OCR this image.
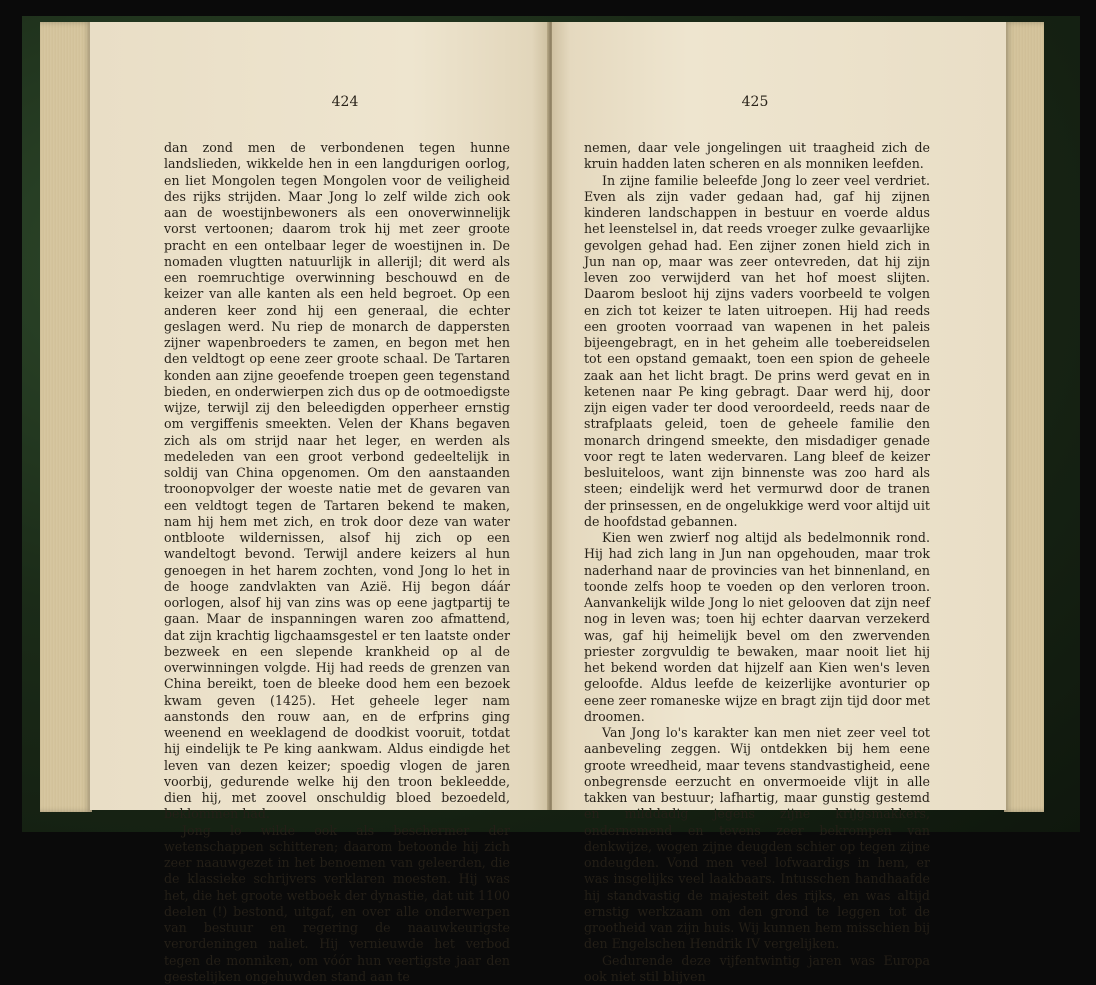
424

dan zond men de verbondenen tegen hunne landslieden, wikkelde hen in een langdurigen oorlog, en liet Mongolen tegen Mongolen voor de veiligheid des rijks strijden. Maar Jong lo zelf wilde zich ook aan de woestijnbewoners als een onoverwinnelijk vorst vertoonen; daarom trok hij met zeer groote pracht en een ontelbaar leger de woestijnen in. De nomaden vlugtten natuurlijk in allerijl; dit werd als een roemruchtige overwinning beschouwd en de keizer van alle kanten als een held begroet. Op een anderen keer zond hij een generaal, die echter geslagen werd. Nu riep de monarch de dappersten zijner wapenbroeders te zamen, en begon met hen den veldtogt op eene zeer groote schaal. De Tartaren konden aan zijne geoefende troepen geen tegenstand bieden, en onderwierpen zich dus op de ootmoedigste wijze, terwijl zij den beleedigden opperheer ernstig om vergiffenis smeekten. Velen der Khans begaven zich als om strijd naar het leger, en werden als medeleden van een groot verbond gedeeltelijk in soldij van China opgenomen. Om den aanstaanden troonopvolger der woeste natie met de gevaren van een veldtogt tegen de Tartaren bekend te maken, nam hij hem met zich, en trok door deze van water ontbloote wildernissen, alsof hij zich op een wandeltogt bevond. Terwijl andere keizers al hun genoegen in het harem zochten, vond Jong lo het in de hooge zandvlakten van Azië. Hij begon dáár oorlogen, alsof hij van zins was op eene jagtpartij te gaan. Maar de inspanningen waren zoo afmattend, dat zijn krachtig ligchaamsgestel er ten laatste onder bezweek en een slepende krankheid op al de overwinningen volgde. Hij had reeds de grenzen van China bereikt, toen de bleeke dood hem een bezoek kwam geven (1425). Het geheele leger nam aanstonds den rouw aan, en de erfprins ging weenend en weeklagend de doodkist vooruit, totdat hij eindelijk te Pe king aankwam. Aldus eindigde het leven van dezen keizer; spoedig vlogen de jaren voorbij, gedurende welke hij den troon bekleedde, dien hij, met zoovel onschuldig bloed bezoedeld, beklommen had.

Jong lo wilde ook als beschermer der wetenschappen schitteren; daarom betoonde hij zich zeer naauwgezet in het benoemen van geleerden, die de klassieke schrijvers verklaren moesten. Hij was het, die het groote wetboek der dynastie, dat uit 1100 deelen (!) bestond, uitgaf, en over alle onderwerpen van bestuur en regering de naauwkeurigste verordeningen naliet. Hij vernieuwde het verbod tegen de monniken, om vóór hun veertigste jaar den geestelijken ongehuwden stand aan te

425

nemen, daar vele jongelingen uit traagheid zich de kruin hadden laten scheren en als monniken leefden.

In zijne familie beleefde Jong lo zeer veel verdriet. Even als zijn vader gedaan had, gaf hij zijnen kinderen landschappen in bestuur en voerde aldus het leenstelsel in, dat reeds vroeger zulke gevaarlijke gevolgen gehad had. Een zijner zonen hield zich in Jun nan op, maar was zeer ontevreden, dat hij zijn leven zoo verwijderd van het hof moest slijten. Daarom besloot hij zijns vaders voorbeeld te volgen en zich tot keizer te laten uitroepen. Hij had reeds een grooten voorraad van wapenen in het paleis bijeengebragt, en in het geheim alle toebereidselen tot een opstand gemaakt, toen een spion de geheele zaak aan het licht bragt. De prins werd gevat en in ketenen naar Pe king gebragt. Daar werd hij, door zijn eigen vader ter dood veroordeeld, reeds naar de strafplaats geleid, toen de geheele familie den monarch dringend smeekte, den misdadiger genade voor regt te laten wedervaren. Lang bleef de keizer besluiteloos, want zijn binnenste was zoo hard als steen; eindelijk werd het vermurwd door de tranen der prinsessen, en de ongelukkige werd voor altijd uit de hoofdstad gebannen.

Kien wen zwierf nog altijd als bedelmonnik rond. Hij had zich lang in Jun nan opgehouden, maar trok naderhand naar de provincies van het binnenland, en toonde zelfs hoop te voeden op den verloren troon. Aanvankelijk wilde Jong lo niet gelooven dat zijn neef nog in leven was; toen hij echter daarvan verzekerd was, gaf hij heimelijk bevel om den zwervenden priester zorgvuldig te bewaken, maar nooit liet hij het bekend worden dat hijzelf aan Kien wen's leven geloofde. Aldus leefde de keizerlijke avonturier op eene zeer romaneske wijze en bragt zijn tijd door met droomen.

Van Jong lo's karakter kan men niet zeer veel tot aanbeveling zeggen. Wij ontdekken bij hem eene groote wreedheid, maar tevens standvastigheid, eene onbegrensde eerzucht en onvermoeide vlijt in alle takken van bestuur; lafhartig, maar gunstig gestemd en milddadig jegens zijne krijgsmakkers, ondernemend en tevens zeer bekrompen van denkwijze, wogen zijne deugden schier op tegen zijne ondeugden. Vond men veel lofwaardigs in hem, er was insgelijks veel laakbaars. Intusschen handhaafde hij standvastig de majesteit des rijks, en was altijd ernstig werkzaam om den grond te leggen tot de grootheid van zijn huis. Wij kunnen hem misschien bij den Engelschen Hendrik IV vergelijken.

Gedurende deze vijfentwintig jaren was Europa ook niet stil blijven
